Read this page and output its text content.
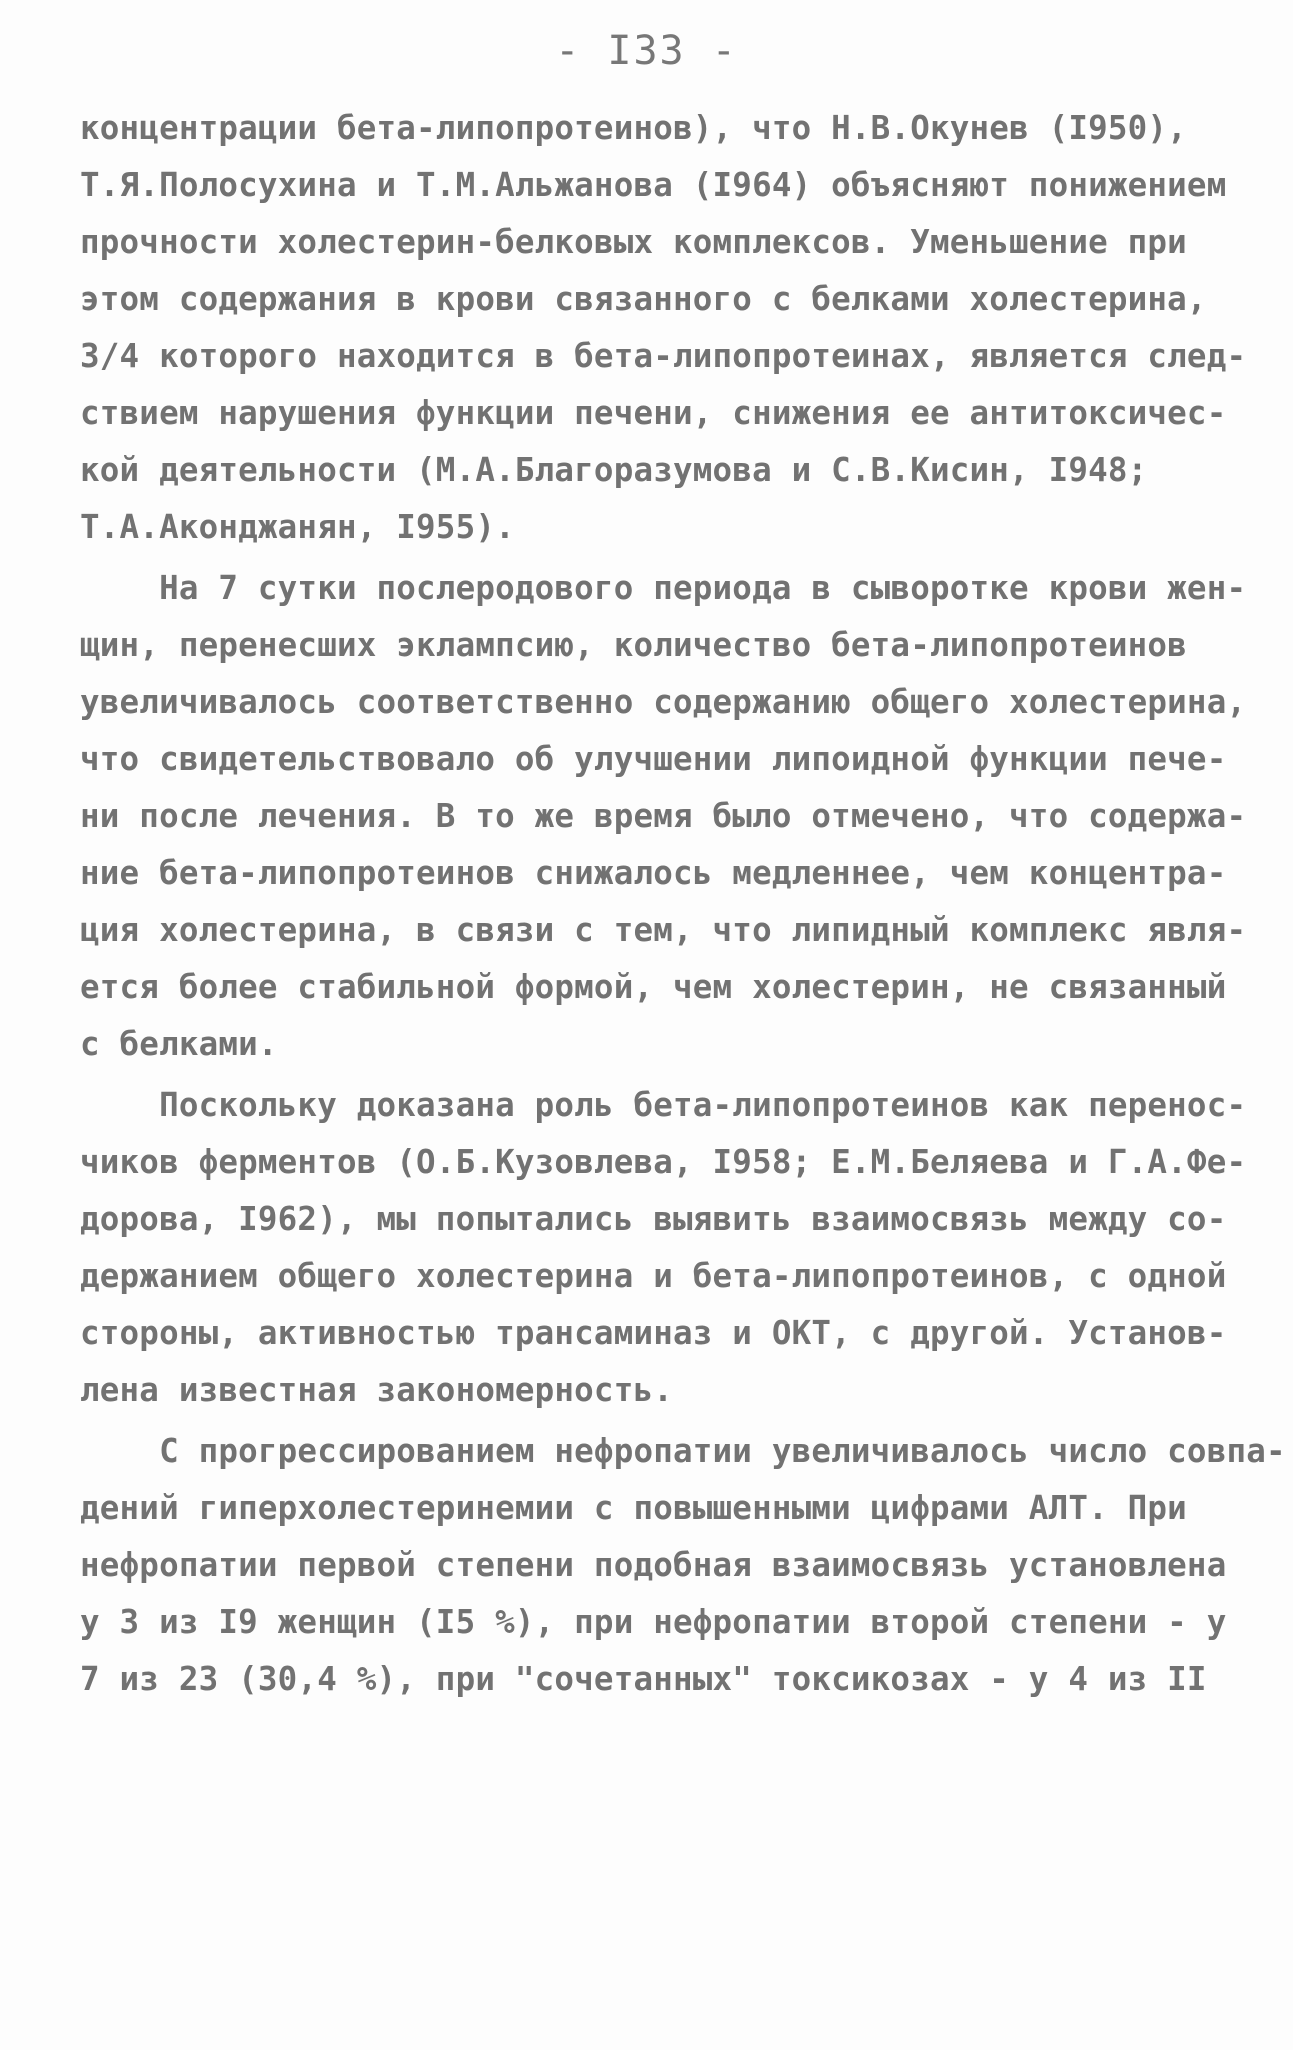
- I33 -
концентрации бета-липопротеинов), что Н.В.Окунев (I950),
Т.Я.Полосухина и Т.М.Альжанова (I964) объясняют понижением
прочности холестерин-белковых комплексов. Уменьшение при
этом содержания в крови связанного с белками холестерина,
3/4 которого находится в бета-липопротеинах, является след-
ствием нарушения функции печени, снижения ее антитоксичес-
кой деятельности (М.А.Благоразумова и С.В.Кисин, I948;
Т.А.Аконджанян, I955).
На 7 сутки послеродового периода в сыворотке крови жен-
щин, перенесших эклампсию, количество бета-липопротеинов
увеличивалось соответственно содержанию общего холестерина,
что свидетельствовало об улучшении липоидной функции пече-
ни после лечения. В то же время было отмечено, что содержа-
ние бета-липопротеинов снижалось медленнее, чем концентра-
ция холестерина, в связи с тем, что липидный комплекс явля-
ется более стабильной формой, чем холестерин, не связанный
с белками.
Поскольку доказана роль бета-липопротеинов как перенос-
чиков ферментов (О.Б.Кузовлева, I958; Е.М.Беляева и Г.А.Фе-
дорова, I962), мы попытались выявить взаимосвязь между со-
держанием общего холестерина и бета-липопротеинов, с одной
стороны, активностью трансаминаз и ОКТ, с другой. Установ-
лена известная закономерность.
С прогрессированием нефропатии увеличивалось число совпа-
дений гиперхолестеринемии с повышенными цифрами АЛТ. При
нефропатии первой степени подобная взаимосвязь установлена
у 3 из I9 женщин (I5 %), при нефропатии второй степени - у
7 из 23 (30,4 %), при "сочетанных" токсикозах - у 4 из II
